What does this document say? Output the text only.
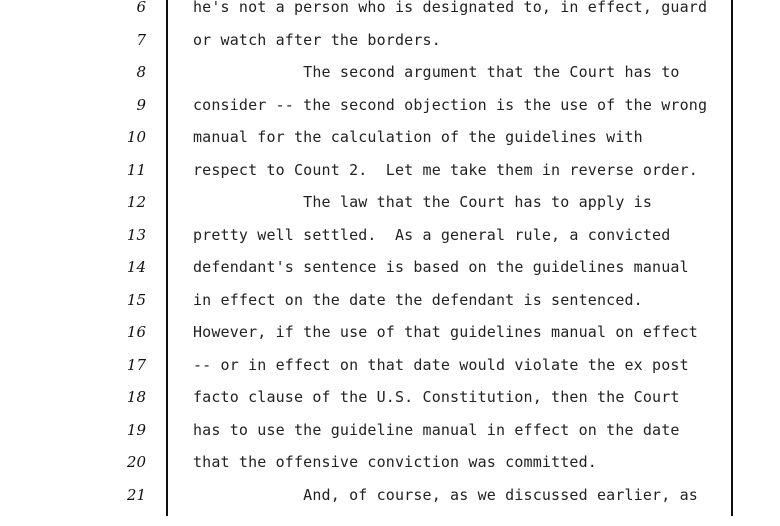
6	he's not a person who is designated to, in effect, guard
7	or watch after the borders.
8	The second argument that the Court has to
9	consider -- the second objection is the use of the wrong
10	manual for the calculation of the guidelines with
11	respect to Count 2.  Let me take them in reverse order.
12	The law that the Court has to apply is
13	pretty well settled.  As a general rule, a convicted
14	defendant's sentence is based on the guidelines manual
15	in effect on the date the defendant is sentenced.
16	However, if the use of that guidelines manual on effect
17	-- or in effect on that date would violate the ex post
18	facto clause of the U.S. Constitution, then the Court
19	has to use the guideline manual in effect on the date
20	that the offensive conviction was committed.
21	And, of course, as we discussed earlier, as
